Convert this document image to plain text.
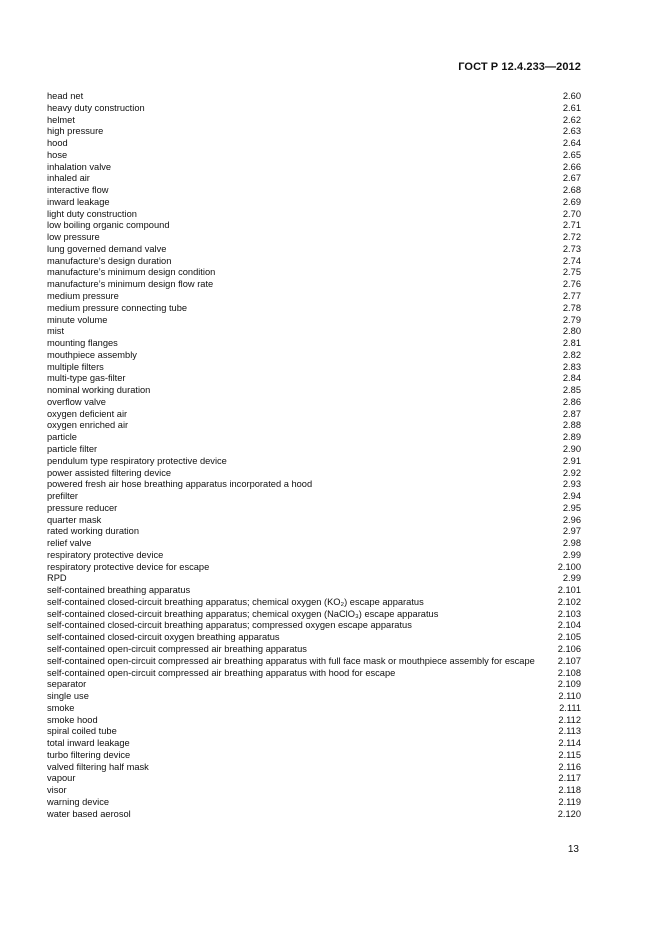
ГОСТ Р 12.4.233—2012
head net	2.60
heavy duty construction	2.61
helmet	2.62
high pressure	2.63
hood	2.64
hose	2.65
inhalation valve	2.66
inhaled air	2.67
interactive flow	2.68
inward leakage	2.69
light duty construction	2.70
low boiling organic compound	2.71
low pressure	2.72
lung governed demand valve	2.73
manufacture’s design duration	2.74
manufacture’s minimum design condition	2.75
manufacture’s minimum design flow rate	2.76
medium pressure	2.77
medium pressure connecting tube	2.78
minute volume	2.79
mist	2.80
mounting flanges	2.81
mouthpiece assembly	2.82
multiple filters	2.83
multi-type gas-filter	2.84
nominal working duration	2.85
overflow valve	2.86
oxygen deficient air	2.87
oxygen enriched air	2.88
particle	2.89
particle filter	2.90
pendulum type respiratory protective device	2.91
power assisted filtering device	2.92
powered fresh air hose breathing apparatus incorporated a hood	2.93
prefilter	2.94
pressure reducer	2.95
quarter mask	2.96
rated working duration	2.97
relief valve	2.98
respiratory protective device	2.99
respiratory protective device for escape	2.100
RPD	2.99
self-contained breathing apparatus	2.101
self-contained closed-circuit breathing apparatus; chemical oxygen (KO₂) escape apparatus	2.102
self-contained closed-circuit breathing apparatus; chemical oxygen (NaClO₃) escape apparatus	2.103
self-contained closed-circuit breathing apparatus; compressed oxygen escape apparatus	2.104
self-contained closed-circuit oxygen breathing apparatus	2.105
self-contained open-circuit compressed air breathing apparatus	2.106
self-contained open-circuit compressed air breathing apparatus with full face mask or mouthpiece assembly for escape	2.107
self-contained open-circuit compressed air breathing apparatus with hood for escape	2.108
separator	2.109
single use	2.110
smoke	2.111
smoke hood	2.112
spiral coiled tube	2.113
total inward leakage	2.114
turbo filtering device	2.115
valved filtering half mask	2.116
vapour	2.117
visor	2.118
warning device	2.119
water based aerosol	2.120
13
